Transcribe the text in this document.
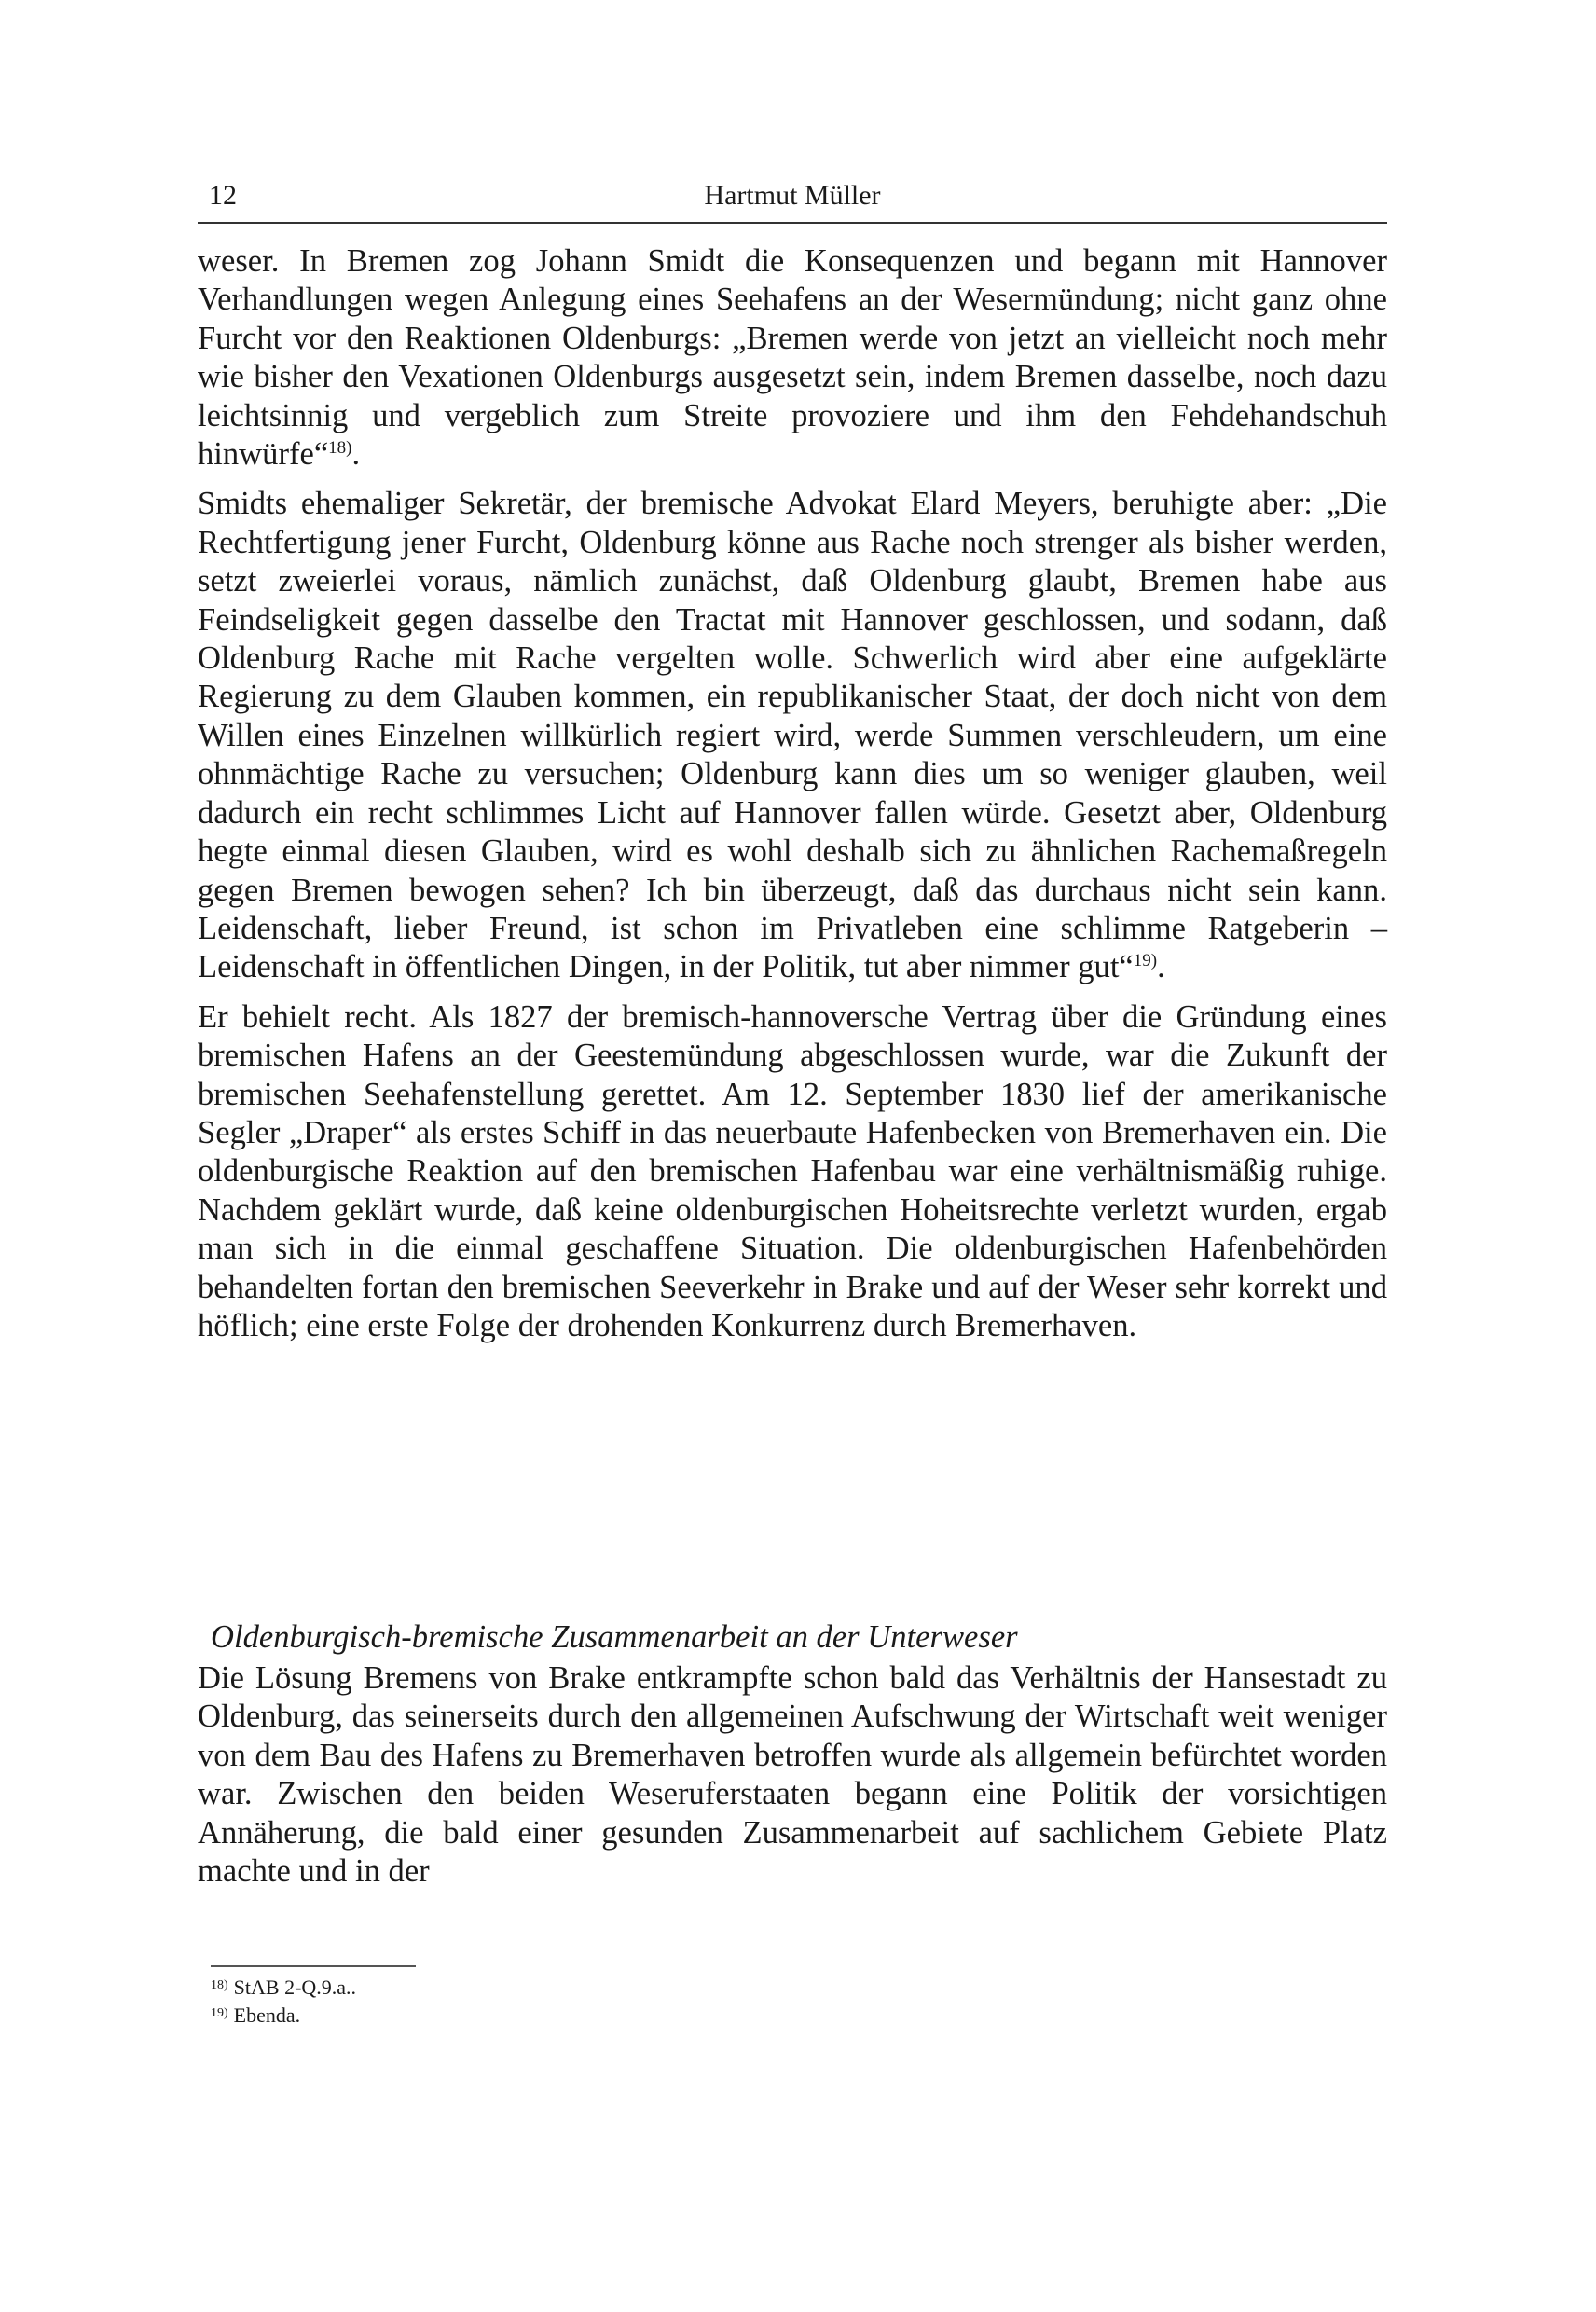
12	Hartmut Müller

weser. In Bremen zog Johann Smidt die Konsequenzen und begann mit Hannover Verhandlungen wegen Anlegung eines Seehafens an der Wesermündung; nicht ganz ohne Furcht vor den Reaktionen Oldenburgs: „Bremen werde von jetzt an vielleicht noch mehr wie bisher den Vexationen Oldenburgs ausgesetzt sein, indem Bremen dasselbe, noch dazu leichtsinnig und vergeblich zum Streite provoziere und ihm den Fehdehandschuh hinwürfe“$^{18)}$.

Smidts ehemaliger Sekretär, der bremische Advokat Elard Meyers, beruhigte aber: „Die Rechtfertigung jener Furcht, Oldenburg könne aus Rache noch strenger als bisher werden, setzt zweierlei voraus, nämlich zunächst, daß Oldenburg glaubt, Bremen habe aus Feindseligkeit gegen dasselbe den Tractat mit Hannover geschlossen, und sodann, daß Oldenburg Rache mit Rache vergelten wolle. Schwerlich wird aber eine aufgeklärte Regierung zu dem Glauben kommen, ein republikanischer Staat, der doch nicht von dem Willen eines Einzelnen willkürlich regiert wird, werde Summen verschleudern, um eine ohnmächtige Rache zu versuchen; Oldenburg kann dies um so weniger glauben, weil dadurch ein recht schlimmes Licht auf Hannover fallen würde. Gesetzt aber, Oldenburg hegte einmal diesen Glauben, wird es wohl deshalb sich zu ähnlichen Rachemaßregeln gegen Bremen bewogen sehen? Ich bin überzeugt, daß das durchaus nicht sein kann. Leidenschaft, lieber Freund, ist schon im Privatleben eine schlimme Ratgeberin – Leidenschaft in öffentlichen Dingen, in der Politik, tut aber nimmer gut“$^{19)}$.

Er behielt recht. Als 1827 der bremisch-hannoversche Vertrag über die Gründung eines bremischen Hafens an der Geestemündung abgeschlossen wurde, war die Zukunft der bremischen Seehafenstellung gerettet. Am 12. September 1830 lief der amerikanische Segler „Draper“ als erstes Schiff in das neuerbaute Hafenbecken von Bremerhaven ein. Die oldenburgische Reaktion auf den bremischen Hafenbau war eine verhältnismäßig ruhige. Nachdem geklärt wurde, daß keine oldenburgischen Hoheitsrechte verletzt wurden, ergab man sich in die einmal geschaffene Situation. Die oldenburgischen Hafenbehörden behandelten fortan den bremischen Seeverkehr in Brake und auf der Weser sehr korrekt und höflich; eine erste Folge der drohenden Konkurrenz durch Bremerhaven.

Oldenburgisch-bremische Zusammenarbeit an der Unterweser

Die Lösung Bremens von Brake entkrampfte schon bald das Verhältnis der Hansestadt zu Oldenburg, das seinerseits durch den allgemeinen Aufschwung der Wirtschaft weit weniger von dem Bau des Hafens zu Bremerhaven betroffen wurde als allgemein befürchtet worden war. Zwischen den beiden Weseruferstaaten begann eine Politik der vorsichtigen Annäherung, die bald einer gesunden Zusammenarbeit auf sachlichem Gebiete Platz machte und in der

$^{18)}$ StAB 2-Q.9.a..
$^{19)}$ Ebenda.
